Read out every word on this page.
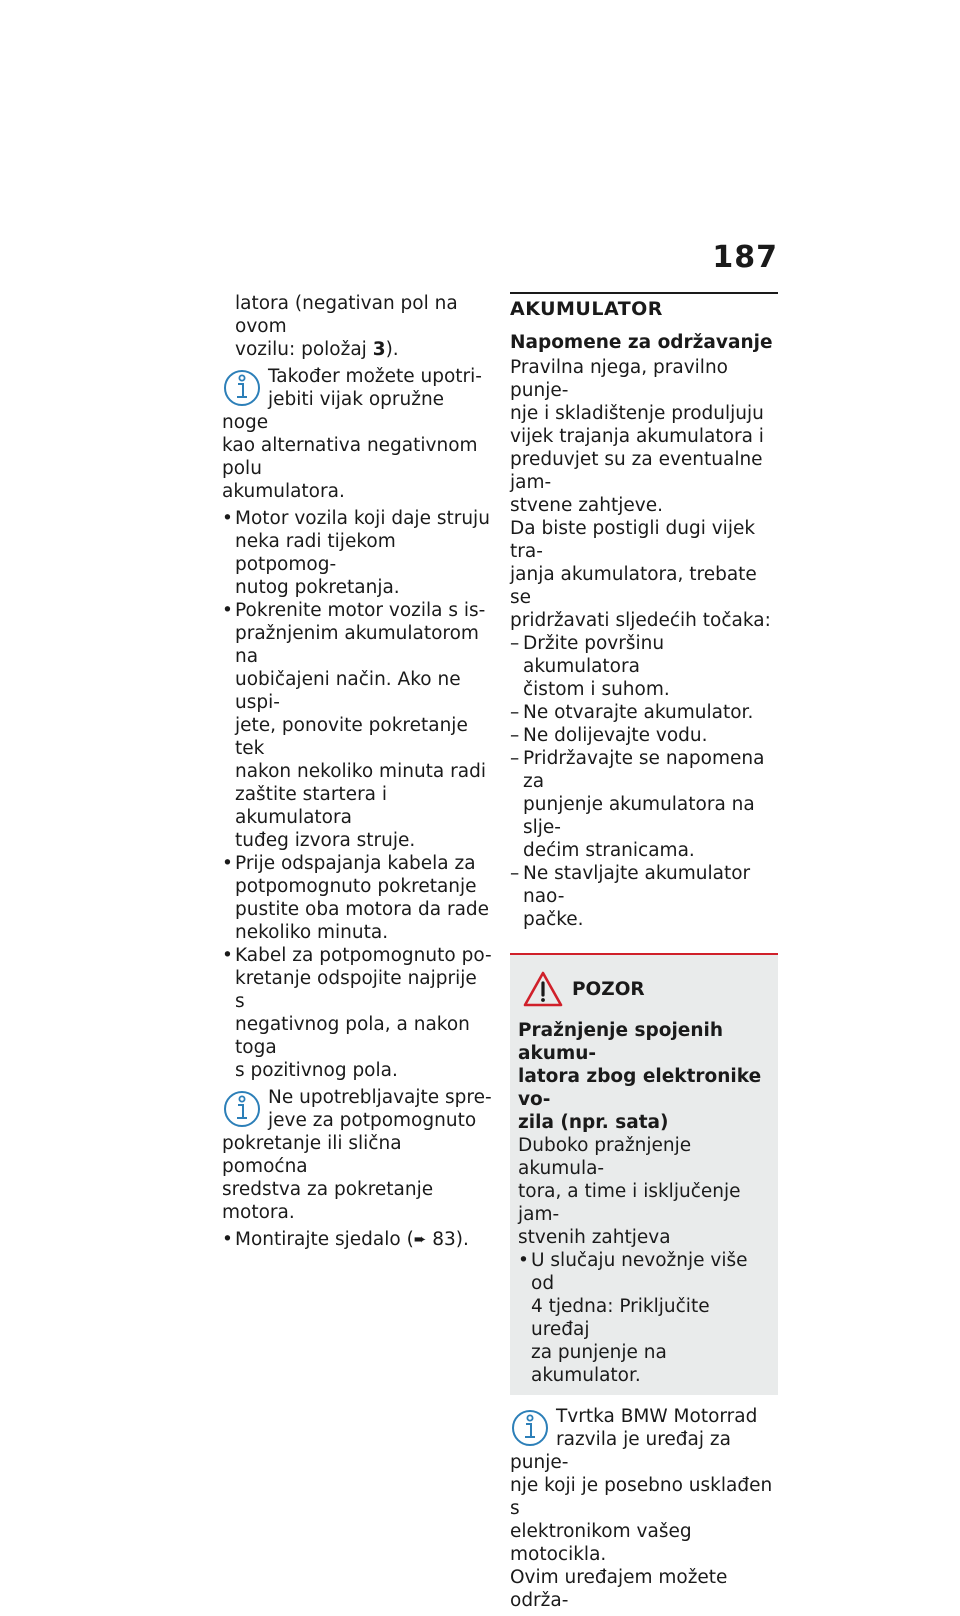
187

latora (negativan pol na ovom
vozilu: položaj 3).

Također možete upotri-
jebiti vijak opružne noge
kao alternativa negativnom polu
akumulatora.
• Motor vozila koji daje struju
neka radi tijekom potpomog-
nutog pokretanja.
• Pokrenite motor vozila s is-
pražnjenim akumulatorom na
uobičajeni način. Ako ne uspi-
jete, ponovite pokretanje tek
nakon nekoliko minuta radi
zaštite startera i akumulatora
tuđeg izvora struje.
• Prije odspajanja kabela za
potpomognuto pokretanje
pustite oba motora da rade
nekoliko minuta.
• Kabel za potpomognuto po-
kretanje odspojite najprije s
negativnog pola, a nakon toga
s pozitivnog pola.
Ne upotrebljavajte spre-
jeve za potpomognuto
pokretanje ili slična pomoćna
sredstva za pokretanje motora.
• Montirajte sjedalo (➨ 83).
AKUMULATOR
Napomene za održavanje

Pravilna njega, pravilno punje-
nje i skladištenje produljuju
vijek trajanja akumulatora i
preduvjet su za eventualne jam-
stvene zahtjeve.

Da biste postigli dugi vijek tra-
janja akumulatora, trebate se
pridržavati sljedećih točaka:

– Držite površinu akumulatora
čistom i suhom.
– Ne otvarajte akumulator.
– Ne dolijevajte vodu.
– Pridržavajte se napomena za
punjenje akumulatora na slje-
dećim stranicama.
– Ne stavljajte akumulator nao-
pačke.
POZOR
Pražnjenje spojenih akumu-
latora zbog elektronike vo-
zila (npr. sata)
Duboko pražnjenje akumula-
tora, a time i isključenje jam-
stvenih zahtjeva
• U slučaju nevožnje više od
4 tjedna: Priključite uređaj
za punjenje na akumulator.
Tvrtka BMW Motorrad
razvila je uređaj za punje-
nje koji je posebno usklađen s
elektronikom vašeg motocikla.
Ovim uređajem možete održa-
